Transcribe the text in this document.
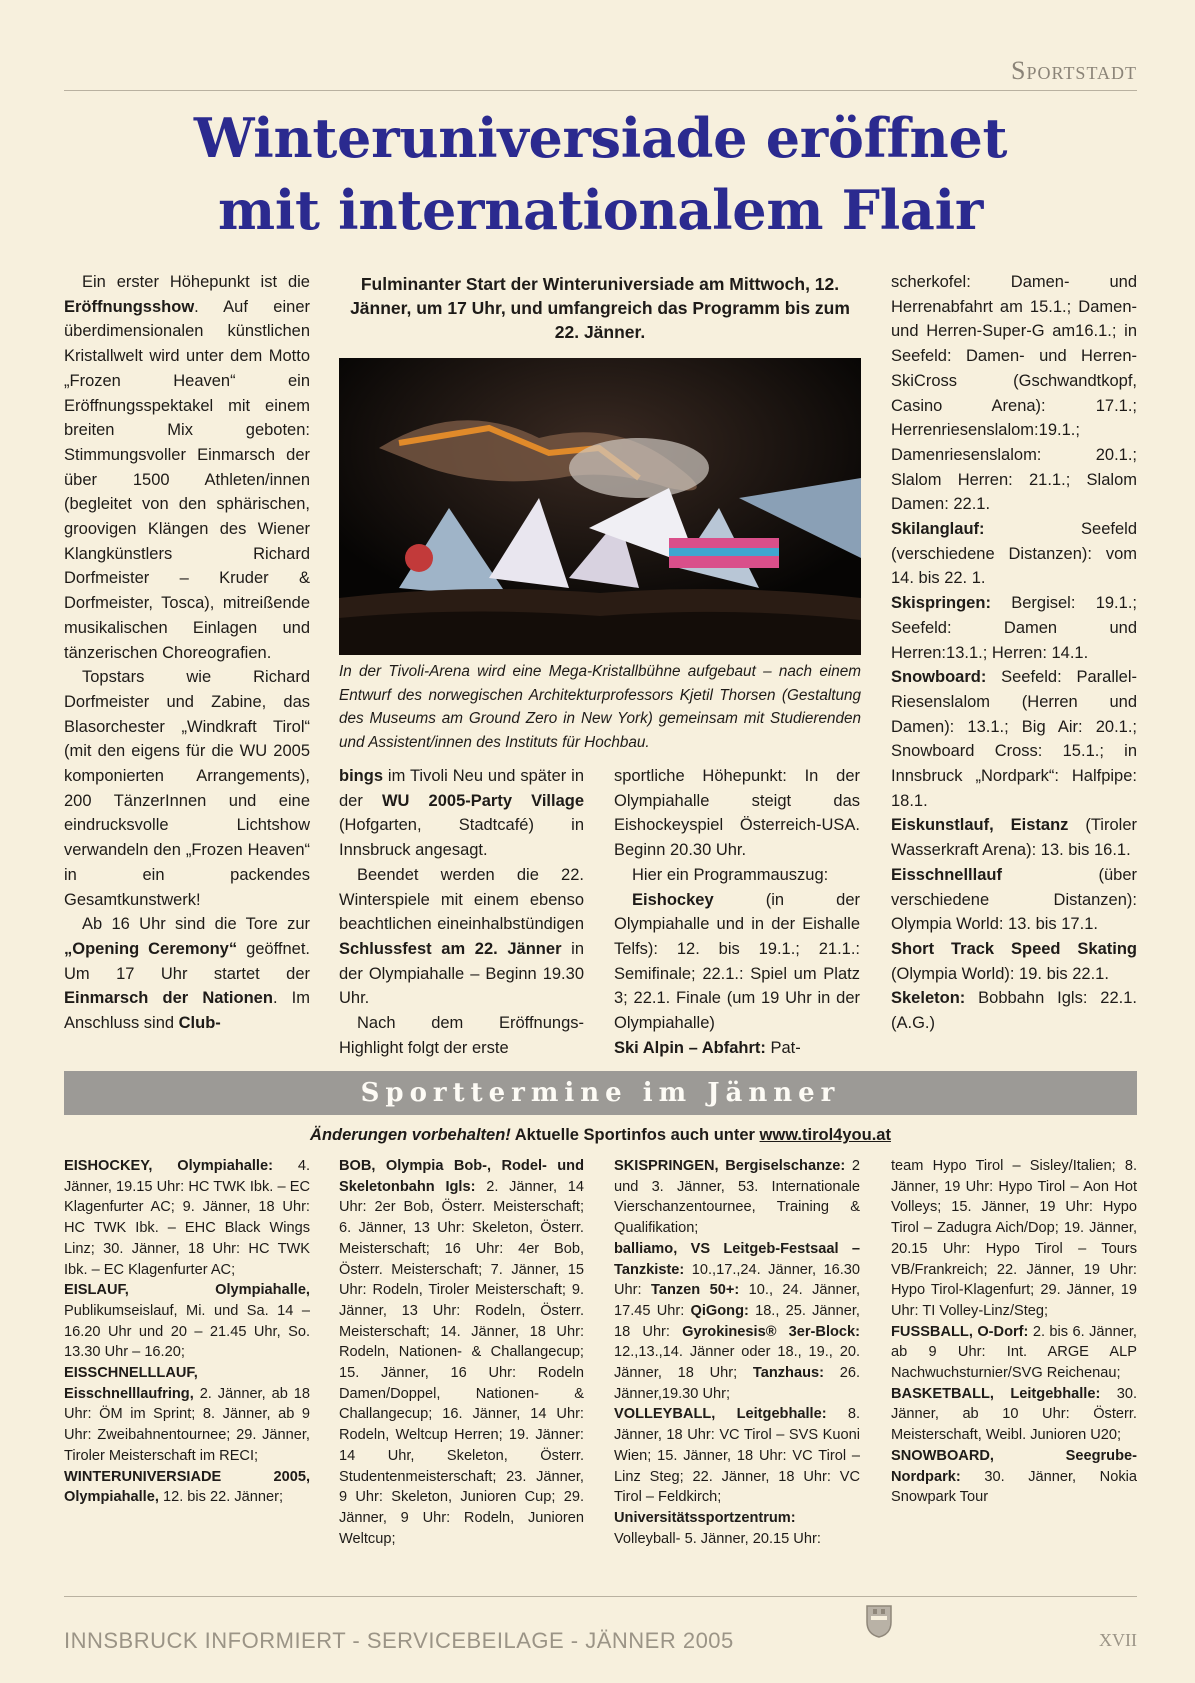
Sportstadt
Winteruniversiade eröffnet
mit internationalem Flair

Ein erster Höhepunkt ist die Eröffnungsshow. Auf einer überdimensionalen künstlichen Kristallwelt wird unter dem Motto „Frozen Heaven“ ein Eröffnungsspektakel mit einem breiten Mix geboten: Stimmungsvoller Einmarsch der über 1500 Athleten/innen (begleitet von den sphärischen, groovigen Klängen des Wiener Klangkünstlers Richard Dorfmeister – Kruder & Dorfmeister, Tosca), mitreißende musikalischen Einlagen und tänzerischen Choreografien.

Topstars wie Richard Dorfmeister und Zabine, das Blasorchester „Windkraft Tirol“ (mit den eigens für die WU 2005 komponierten Arrangements), 200 TänzerInnen und eine eindrucksvolle Lichtshow verwandeln den „Frozen Heaven“ in ein packendes Gesamtkunstwerk!

Ab 16 Uhr sind die Tore zur „Opening Ceremony“ geöffnet. Um 17 Uhr startet der Einmarsch der Nationen. Im Anschluss sind Club-

Fulminanter Start der Winteruniversiade am Mittwoch, 12. Jänner, um 17 Uhr, und umfangreich das Programm bis zum 22. Jänner.
In der Tivoli-Arena wird eine Mega-Kristallbühne aufgebaut – nach einem Entwurf des norwegischen Architekturprofessors Kjetil Thorsen (Gestaltung des Museums am Ground Zero in New York) gemeinsam mit Studierenden und Assistent/innen des Instituts für Hochbau.

bings im Tivoli Neu und später in der WU 2005-Party Village (Hofgarten, Stadtcafé) in Innsbruck angesagt.

Beendet werden die 22. Winterspiele mit einem ebenso beachtlichen eineinhalbstündigen Schlussfest am 22. Jänner in der Olympiahalle – Beginn 19.30 Uhr.

Nach dem Eröffnungs-Highlight folgt der erste

sportliche Höhepunkt: In der Olympiahalle steigt das Eishockeyspiel Österreich-USA. Beginn 20.30 Uhr.

Hier ein Programmauszug:

Eishockey (in der Olympiahalle und in der Eishalle Telfs): 12. bis 19.1.; 21.1.: Semifinale; 22.1.: Spiel um Platz 3; 22.1. Finale (um 19 Uhr in der Olympiahalle)

Ski Alpin – Abfahrt: Pat-

scherkofel: Damen- und Herrenabfahrt am 15.1.; Damen- und Herren-Super-G am16.1.; in Seefeld: Damen- und Herren-SkiCross (Gschwandtkopf, Casino Arena): 17.1.; Herrenriesenslalom:19.1.; Damenriesenslalom: 20.1.; Slalom Herren: 21.1.; Slalom Damen: 22.1.

Skilanglauf: Seefeld (verschiedene Distanzen): vom 14. bis 22. 1.

Skispringen: Bergisel: 19.1.; Seefeld: Damen und Herren:13.1.; Herren: 14.1.

Snowboard: Seefeld: Parallel-Riesenslalom (Herren und Damen): 13.1.; Big Air: 20.1.; Snowboard Cross: 15.1.; in Innsbruck „Nordpark“: Halfpipe: 18.1.

Eiskunstlauf, Eistanz (Tiroler Wasserkraft Arena): 13. bis 16.1.

Eisschnelllauf (über verschiedene Distanzen): Olympia World: 13. bis 17.1.

Short Track Speed Skating (Olympia World): 19. bis 22.1.

Skeleton: Bobbahn Igls: 22.1. (A.G.)

Sporttermine im Jänner
Änderungen vorbehalten! Aktuelle Sportinfos auch unter www.tirol4you.at

EISHOCKEY, Olympiahalle: 4. Jänner, 19.15 Uhr: HC TWK Ibk. – EC Klagenfurter AC; 9. Jänner, 18 Uhr: HC TWK Ibk. – EHC Black Wings Linz; 30. Jänner, 18 Uhr: HC TWK Ibk. – EC Klagenfurter AC;

EISLAUF, Olympiahalle, Publikumseislauf, Mi. und Sa. 14 – 16.20 Uhr und 20 – 21.45 Uhr, So. 13.30 Uhr – 16.20;

EISSCHNELLLAUF, Eisschnelllaufring, 2. Jänner, ab 18 Uhr: ÖM im Sprint; 8. Jänner, ab 9 Uhr: Zweibahnentournee; 29. Jänner, Tiroler Meisterschaft im RECI;

WINTERUNIVERSIADE 2005, Olympiahalle, 12. bis 22. Jänner;

BOB, Olympia Bob-, Rodel- und Skeletonbahn Igls: 2. Jänner, 14 Uhr: 2er Bob, Österr. Meisterschaft; 6. Jänner, 13 Uhr: Skeleton, Österr. Meisterschaft; 16 Uhr: 4er Bob, Österr. Meisterschaft; 7. Jänner, 15 Uhr: Rodeln, Tiroler Meisterschaft; 9. Jänner, 13 Uhr: Rodeln, Österr. Meisterschaft; 14. Jänner, 18 Uhr: Rodeln, Nationen- & Challangecup; 15. Jänner, 16 Uhr: Rodeln Damen/Doppel, Nationen- & Challangecup; 16. Jänner, 14 Uhr: Rodeln, Weltcup Herren; 19. Jänner: 14 Uhr, Skeleton, Österr. Studentenmeisterschaft; 23. Jänner, 9 Uhr: Skeleton, Junioren Cup; 29. Jänner, 9 Uhr: Rodeln, Junioren Weltcup;

SKISPRINGEN, Bergiselschanze: 2 und 3. Jänner, 53. Internationale Vierschanzentournee, Training & Qualifikation;

balliamo, VS Leitgeb-Festsaal – Tanzkiste: 10.,17.,24. Jänner, 16.30 Uhr: Tanzen 50+: 10., 24. Jänner, 17.45 Uhr: QiGong: 18., 25. Jänner, 18 Uhr: Gyrokinesis® 3er-Block: 12.,13.,14. Jänner oder 18., 19., 20. Jänner, 18 Uhr; Tanzhaus: 26. Jänner,19.30 Uhr;

VOLLEYBALL, Leitgebhalle: 8. Jänner, 18 Uhr: VC Tirol – SVS Kuoni Wien; 15. Jänner, 18 Uhr: VC Tirol – Linz Steg; 22. Jänner, 18 Uhr: VC Tirol – Feldkirch;

Universitätssportzentrum: Volleyball- 5. Jänner, 20.15 Uhr:

team Hypo Tirol – Sisley/Italien; 8. Jänner, 19 Uhr: Hypo Tirol – Aon Hot Volleys; 15. Jänner, 19 Uhr: Hypo Tirol – Zadugra Aich/Dop; 19. Jänner, 20.15 Uhr: Hypo Tirol – Tours VB/Frankreich; 22. Jänner, 19 Uhr: Hypo Tirol-Klagenfurt; 29. Jänner, 19 Uhr: TI Volley-Linz/Steg;

FUSSBALL, O-Dorf: 2. bis 6. Jänner, ab 9 Uhr: Int. ARGE ALP Nachwuchsturnier/SVG Reichenau;

BASKETBALL, Leitgebhalle: 30. Jänner, ab 10 Uhr: Österr. Meisterschaft, Weibl. Junioren U20;

SNOWBOARD, Seegrube-Nordpark: 30. Jänner, Nokia Snowpark Tour

INNSBRUCK INFORMIERT - SERVICEBEILAGE - JÄNNER 2005	XVII
